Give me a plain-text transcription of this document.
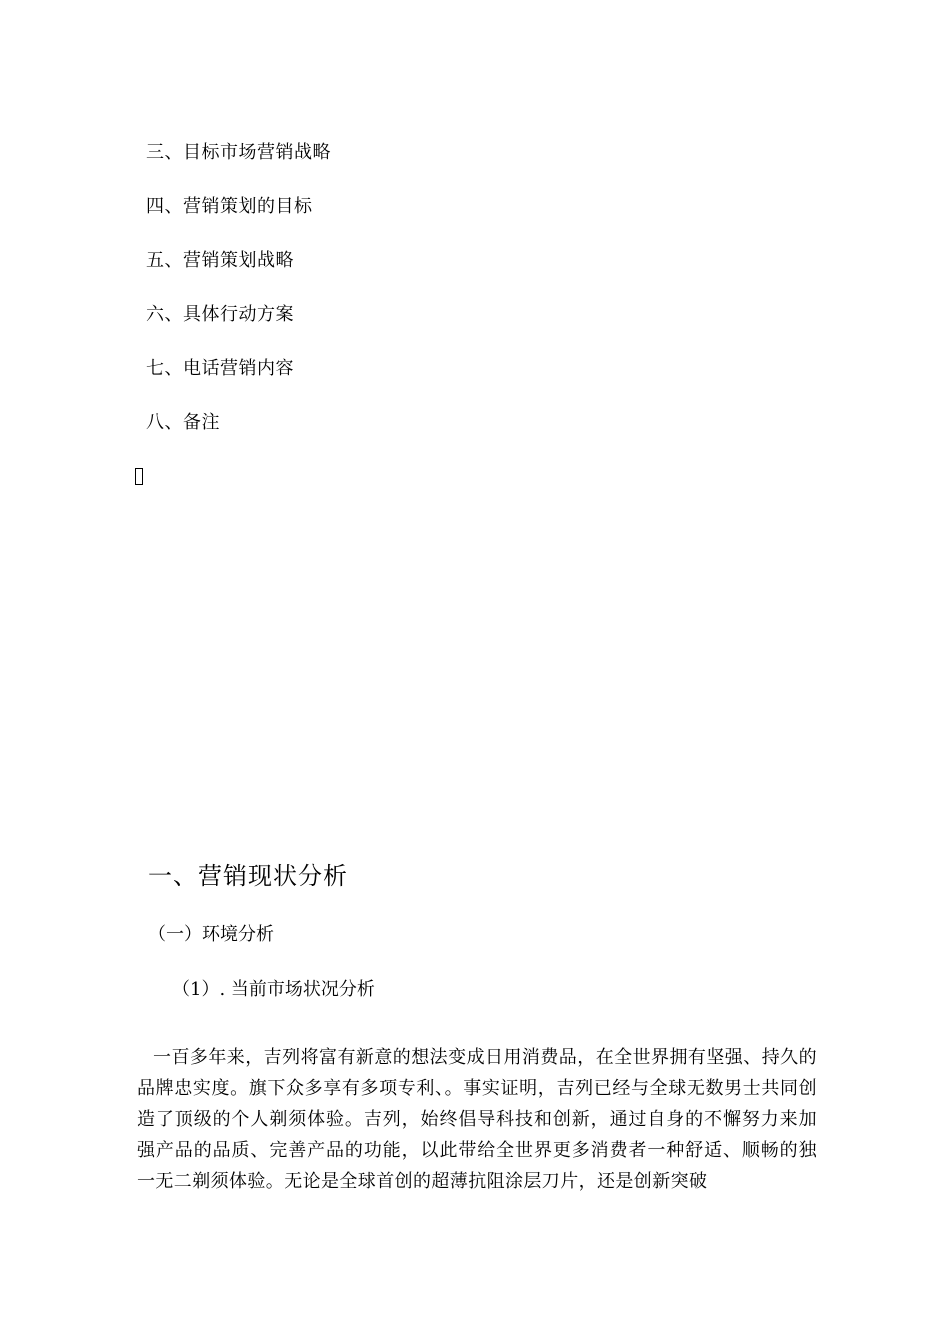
三、目标市场营销战略
四、营销策划的目标
五、营销策划战略
六、具体行动方案
七、电话营销内容
八、备注
一、营销现状分析
（一）环境分析
（1）. 当前市场状况分析

一百多年来，吉列将富有新意的想法变成日用消费品，在全世界拥有坚强、持久的品牌忠实度。旗下众多享有多项专利、。事实证明，吉列已经与全球无数男士共同创造了顶级的个人剃须体验。吉列，始终倡导科技和创新，通过自身的不懈努力来加强产品的品质、完善产品的功能，以此带给全世界更多消费者一种舒适、顺畅的独一无二剃须体验。无论是全球首创的超薄抗阻涂层刀片，还是创新突破
